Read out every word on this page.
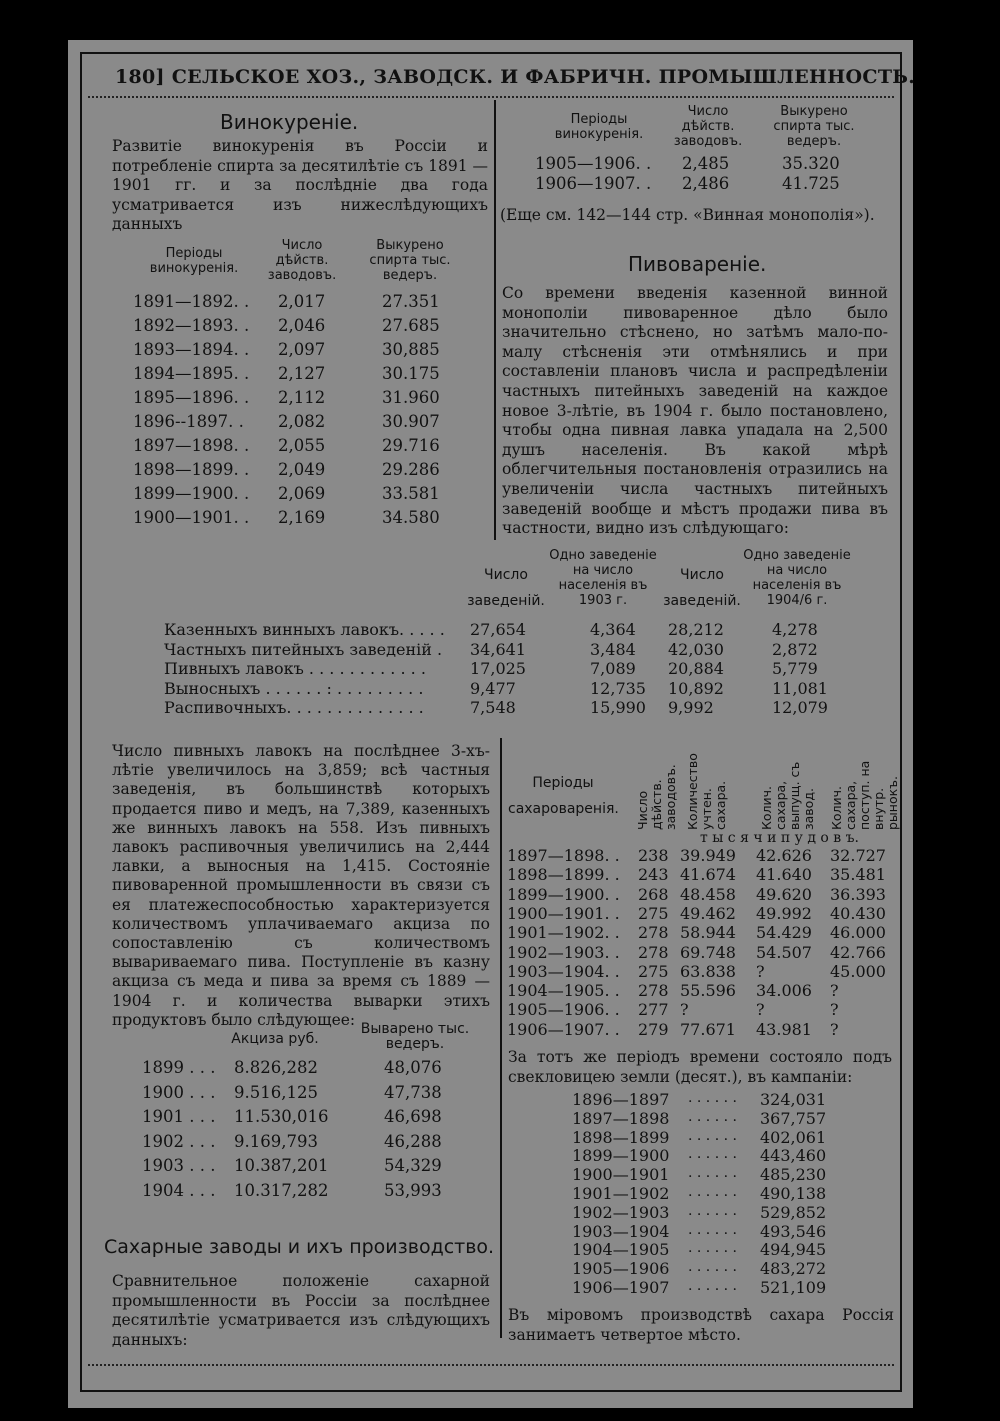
180] СЕЛЬСКОЕ ХОЗ., ЗАВОДСК. И ФАБРИЧН. ПРОМЫШЛЕННОСТЬ.
Винокуреніе.
Развитіе винокуренія въ Россіи и потребленіе спирта за десятилѣтіе съ 1891 — 1901 гг. и за послѣдніе два года усматривается изъ нижеслѣдующихъ данныхъ
Періоды винокуренія.
Число дѣйств. заводовъ.
Выкурено спирта тыс. ведеръ.
1891—1892. . 2,017	27.351
1892—1893. . 2,046	27.685
1893—1894. . 2,097	30,885
1894—1895. . 2,127	30.175
1895—1896. . 2,112	31.960
1896--1897. . 2,082	30.907
1897—1898. . 2,055	29.716
1898—1899. . 2,049	29.286
1899—1900. . 2,069	33.581
1900—1901. . 2,169	34.580
Періоды винокуренія.
Число дѣйств. заводовъ.
Выкурено спирта тыс. ведеръ.
1905—1906. . 2,485	35.320
1906—1907. . 2,486	41.725
(Еще см. 142—144 стр. «Винная монополія»).
Пивовареніе.
Со времени введенія казенной винной монополіи пивоваренное дѣло было значительно стѣснено, но затѣмъ мало-по-малу стѣсненія эти отмѣнялись и при составленіи плановъ числа и распредѣленіи частныхъ питейныхъ заведеній на каждое новое 3-лѣтіе, въ 1904 г. было постановлено, чтобы одна пивная лавка упадала на 2,500 душъ населенія. Въ какой мѣрѣ облегчительныя постановленія отразились на увеличеніи числа частныхъ питейныхъ заведеній вообще и мѣстъ продажи пива въ частности, видно изъ слѣдующаго:
Число заведеній.
Одно заведеніе на число населенія въ 1903 г.
Число заведеній.
Одно заведеніе на число населенія въ 1904/6 г.
Казенныхъ винныхъ лавокъ. . . . . 27,654	4,364 28,212	4,278
Частныхъ питейныхъ заведеній . 34,641	3,484 42,030	2,872
Пивныхъ лавокъ . . . . . . . . . . . .	17,025	7,089 20,884	5,779
Выносныхъ . . . . . . : . . . . . . . . .	9,477	12,735 10,892	11,081
Распивочныхъ. . . . . . . . . . . . . .	7,548	15,990 9,992	12,079
Число пивныхъ лавокъ на послѣднее 3-хъ-лѣтіе увеличилось на 3,859; всѣ частныя заведенія, въ большинствѣ которыхъ продается пиво и медъ, на 7,389, казенныхъ же винныхъ лавокъ на 558. Изъ пивныхъ лавокъ распивочныя увеличились на 2,444 лавки, а выносныя на 1,415. Состояніе пивоваренной промышленности въ связи съ ея платежеспособностью характеризуется количествомъ уплачиваемаго акциза по сопоставленію съ количествомъ вывариваемаго пива. Поступленіе въ казну акциза съ меда и пива за время съ 1889 — 1904 г. и количества выварки этихъ продуктовъ было слѣдующее:
Акциза руб.
Выварено тыс. ведеръ.
1899 . . . 8.826,282	48,076
1900 . . . 9.516,125	47,738
1901 . . . 11.530,016	46,698
1902 . . . 9.169,793	46,288
1903 . . . 10.387,201	54,329
1904 . . . 10.317,282	53,993
Сахарные заводы и ихъ производство.
Сравнительное положеніе сахарной промышленности въ Россіи за послѣднее десятилѣтіе усматривается изъ слѣдующихъ данныхъ:
Періоды сахароваренія. Число дѣйств. заводовъ. Количество учтен. сахара. Колич. сахара, выпущ. съ завод. Колич. сахара, поступ. на внутр. рынокъ.
т ы с я ч и п у д о в ъ.
1897—1898. . 238 39.949 42.626 32.727
1898—1899. . 243 41.674 41.640 35.481
1899—1900. . 268 48.458 49.620 36.393
1900—1901. . 275 49.462 49.992 40.430
1901—1902. . 278 58.944 54.429 46.000
1902—1903. . 278 69.748 54.507 42.766
1903—1904. . 275 63.838 ?	45.000
1904—1905. . 278 55.596 34.006 ?
1905—1906. . 277 ?	?	?
1906—1907. . 279 77.671 43.981 ?
За тотъ же періодъ времени состояло подъ свекловицею земли (десят.), въ кампаніи:
1896—1897 . . . . . . 324,031
1897—1898 . . . . . . 367,757
1898—1899 . . . . . . 402,061
1899—1900 . . . . . . 443,460
1900—1901 . . . . . . 485,230
1901—1902 . . . . . . 490,138
1902—1903 . . . . . . 529,852
1903—1904 . . . . . . 493,546
1904—1905 . . . . . . 494,945
1905—1906 . . . . . . 483,272
1906—1907 . . . . . . 521,109
Въ міровомъ производствѣ сахара Россія занимаетъ четвертое мѣсто.
